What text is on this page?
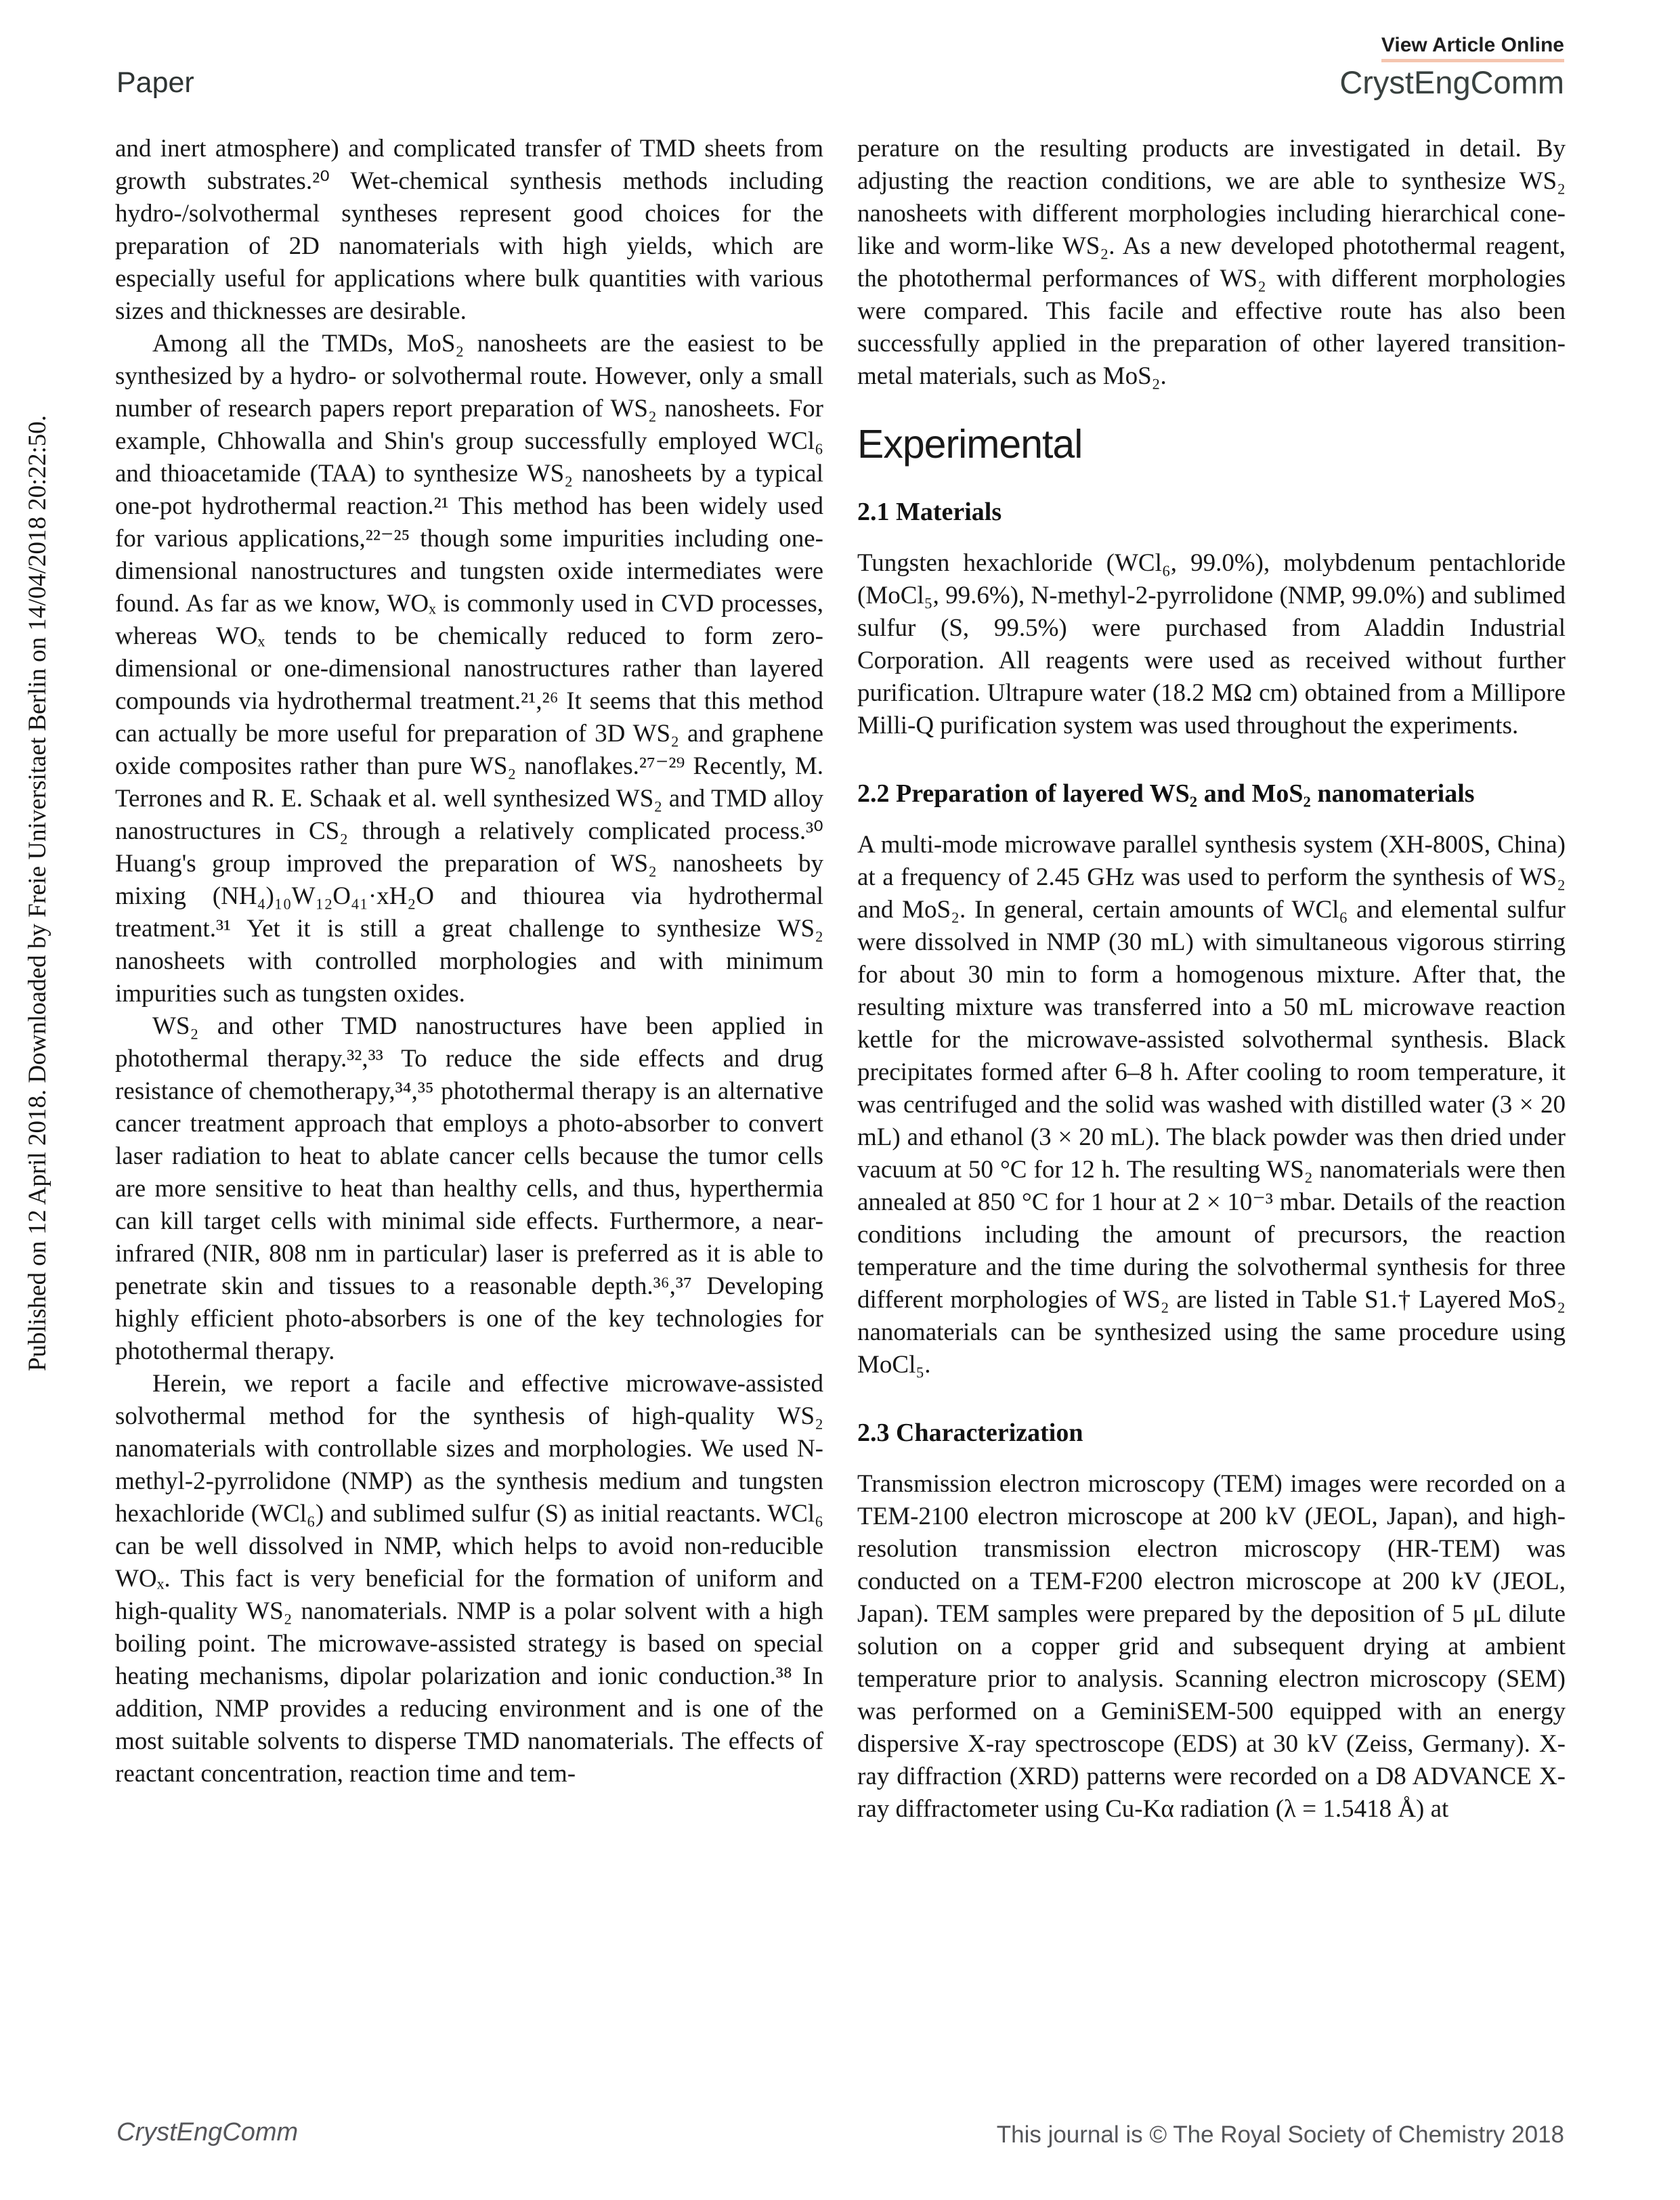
View Article Online
Paper	CrystEngComm
Published on 12 April 2018. Downloaded by Freie Universitaet Berlin on 14/04/2018 20:22:50.

and inert atmosphere) and complicated transfer of TMD sheets from growth substrates.²⁰ Wet-chemical synthesis methods including hydro-/solvothermal syntheses represent good choices for the preparation of 2D nanomaterials with high yields, which are especially useful for applications where bulk quantities with various sizes and thicknesses are desirable.

Among all the TMDs, MoS₂ nanosheets are the easiest to be synthesized by a hydro- or solvothermal route. However, only a small number of research papers report preparation of WS₂ nanosheets. For example, Chhowalla and Shin's group successfully employed WCl₆ and thioacetamide (TAA) to synthesize WS₂ nanosheets by a typical one-pot hydrothermal reaction.²¹ This method has been widely used for various applications,²²⁻²⁵ though some impurities including one-dimensional nanostructures and tungsten oxide intermediates were found. As far as we know, WOₓ is commonly used in CVD processes, whereas WOₓ tends to be chemically reduced to form zero-dimensional or one-dimensional nanostructures rather than layered compounds via hydrothermal treatment.²¹,²⁶ It seems that this method can actually be more useful for preparation of 3D WS₂ and graphene oxide composites rather than pure WS₂ nanoflakes.²⁷⁻²⁹ Recently, M. Terrones and R. E. Schaak et al. well synthesized WS₂ and TMD alloy nanostructures in CS₂ through a relatively complicated process.³⁰ Huang's group improved the preparation of WS₂ nanosheets by mixing (NH₄)₁₀W₁₂O₄₁·xH₂O and thiourea via hydrothermal treatment.³¹ Yet it is still a great challenge to synthesize WS₂ nanosheets with controlled morphologies and with minimum impurities such as tungsten oxides.

WS₂ and other TMD nanostructures have been applied in photothermal therapy.³²,³³ To reduce the side effects and drug resistance of chemotherapy,³⁴,³⁵ photothermal therapy is an alternative cancer treatment approach that employs a photo-absorber to convert laser radiation to heat to ablate cancer cells because the tumor cells are more sensitive to heat than healthy cells, and thus, hyperthermia can kill target cells with minimal side effects. Furthermore, a near-infrared (NIR, 808 nm in particular) laser is preferred as it is able to penetrate skin and tissues to a reasonable depth.³⁶,³⁷ Developing highly efficient photo-absorbers is one of the key technologies for photothermal therapy.

Herein, we report a facile and effective microwave-assisted solvothermal method for the synthesis of high-quality WS₂ nanomaterials with controllable sizes and morphologies. We used N-methyl-2-pyrrolidone (NMP) as the synthesis medium and tungsten hexachloride (WCl₆) and sublimed sulfur (S) as initial reactants. WCl₆ can be well dissolved in NMP, which helps to avoid non-reducible WOₓ. This fact is very beneficial for the formation of uniform and high-quality WS₂ nanomaterials. NMP is a polar solvent with a high boiling point. The microwave-assisted strategy is based on special heating mechanisms, dipolar polarization and ionic conduction.³⁸ In addition, NMP provides a reducing environment and is one of the most suitable solvents to disperse TMD nanomaterials. The effects of reactant concentration, reaction time and tem-

perature on the resulting products are investigated in detail. By adjusting the reaction conditions, we are able to synthesize WS₂ nanosheets with different morphologies including hierarchical cone-like and worm-like WS₂. As a new developed photothermal reagent, the photothermal performances of WS₂ with different morphologies were compared. This facile and effective route has also been successfully applied in the preparation of other layered transition-metal materials, such as MoS₂.

Experimental
2.1 Materials

Tungsten hexachloride (WCl₆, 99.0%), molybdenum pentachloride (MoCl₅, 99.6%), N-methyl-2-pyrrolidone (NMP, 99.0%) and sublimed sulfur (S, 99.5%) were purchased from Aladdin Industrial Corporation. All reagents were used as received without further purification. Ultrapure water (18.2 MΩ cm) obtained from a Millipore Milli-Q purification system was used throughout the experiments.

2.2 Preparation of layered WS₂ and MoS₂ nanomaterials

A multi-mode microwave parallel synthesis system (XH-800S, China) at a frequency of 2.45 GHz was used to perform the synthesis of WS₂ and MoS₂. In general, certain amounts of WCl₆ and elemental sulfur were dissolved in NMP (30 mL) with simultaneous vigorous stirring for about 30 min to form a homogenous mixture. After that, the resulting mixture was transferred into a 50 mL microwave reaction kettle for the microwave-assisted solvothermal synthesis. Black precipitates formed after 6–8 h. After cooling to room temperature, it was centrifuged and the solid was washed with distilled water (3 × 20 mL) and ethanol (3 × 20 mL). The black powder was then dried under vacuum at 50 °C for 12 h. The resulting WS₂ nanomaterials were then annealed at 850 °C for 1 hour at 2 × 10⁻³ mbar. Details of the reaction conditions including the amount of precursors, the reaction temperature and the time during the solvothermal synthesis for three different morphologies of WS₂ are listed in Table S1.† Layered MoS₂ nanomaterials can be synthesized using the same procedure using MoCl₅.

2.3 Characterization

Transmission electron microscopy (TEM) images were recorded on a TEM-2100 electron microscope at 200 kV (JEOL, Japan), and high-resolution transmission electron microscopy (HR-TEM) was conducted on a TEM-F200 electron microscope at 200 kV (JEOL, Japan). TEM samples were prepared by the deposition of 5 μL dilute solution on a copper grid and subsequent drying at ambient temperature prior to analysis. Scanning electron microscopy (SEM) was performed on a GeminiSEM-500 equipped with an energy dispersive X-ray spectroscope (EDS) at 30 kV (Zeiss, Germany). X-ray diffraction (XRD) patterns were recorded on a D8 ADVANCE X-ray diffractometer using Cu-Kα radiation (λ = 1.5418 Å) at

CrystEngComm	This journal is © The Royal Society of Chemistry 2018
